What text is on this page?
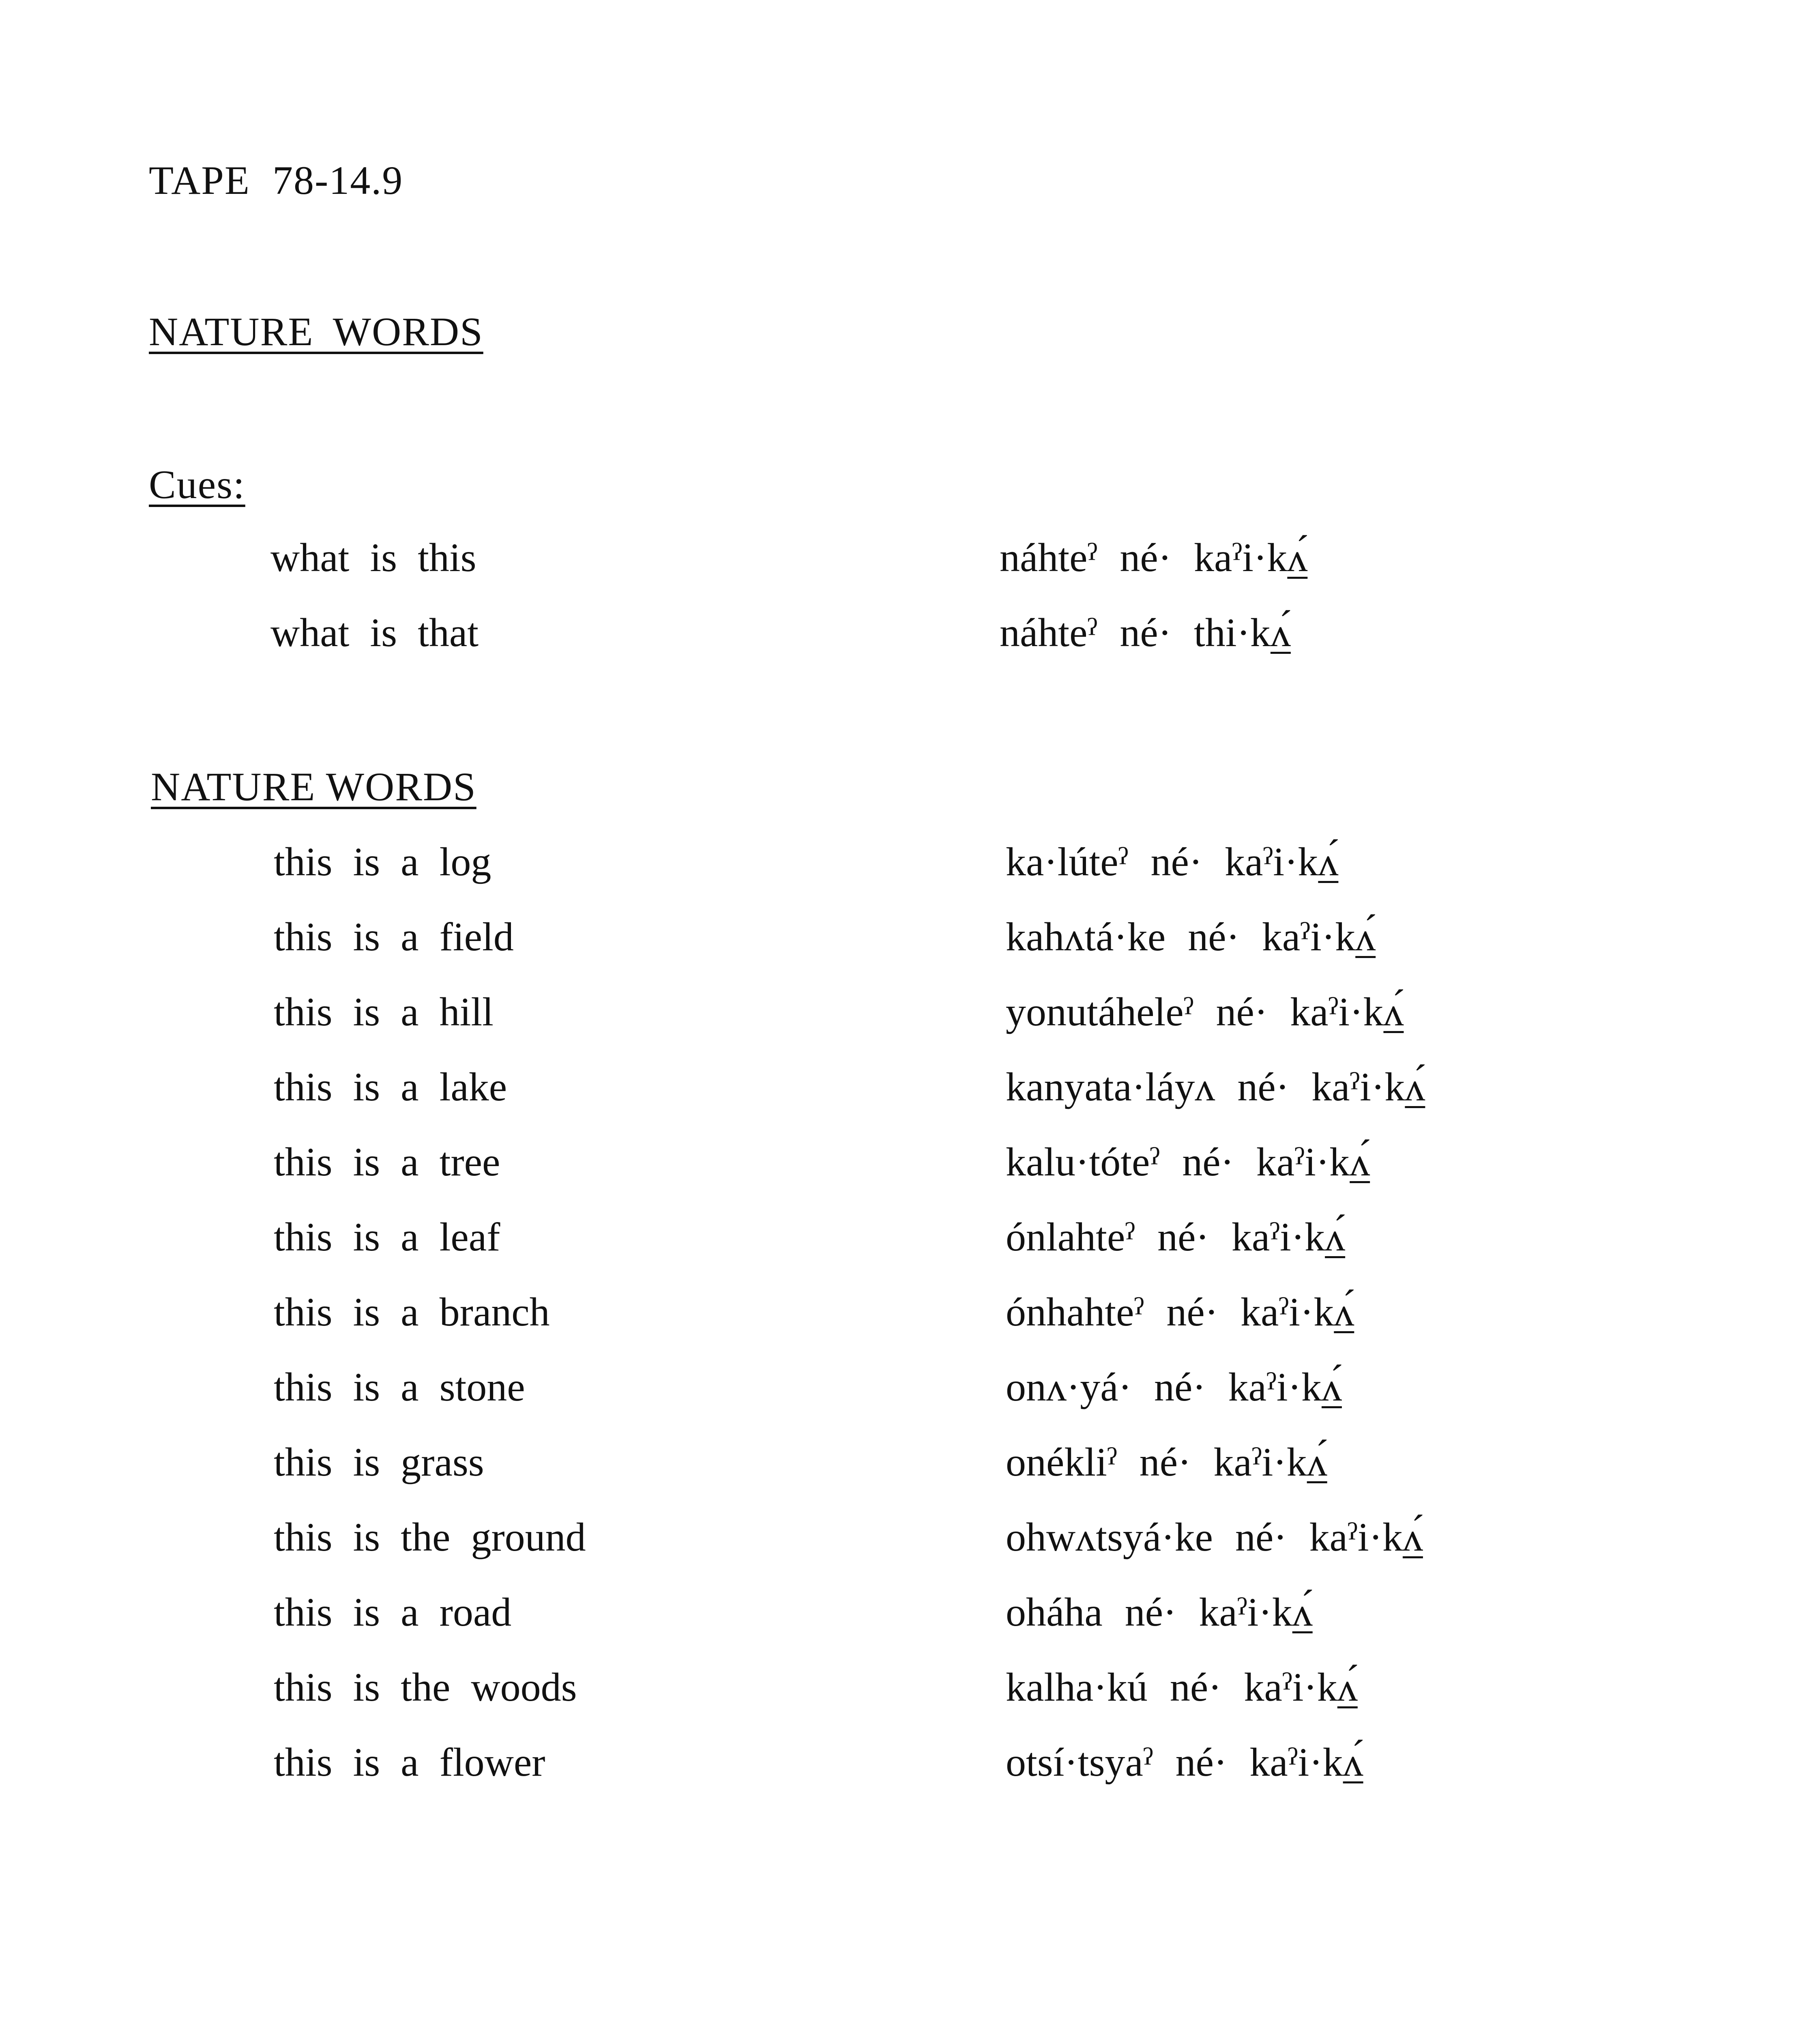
TAPE 78-14.9
NATURE WORDS
Cues:
what is this	náhteˀ né· kaˀi·kʌ́
what is that	náhteˀ né· thi·kʌ́
NATURE WORDS
this is a log	ka·lúteˀ né· kaˀi·kʌ́
this is a field	kahʌtá·ke né· kaˀi·kʌ́
this is a hill	yonutáheleˀ né· kaˀi·kʌ́
this is a lake	kanyata·láyʌ né· kaˀi·kʌ́
this is a tree	kalu·tóteˀ né· kaˀi·kʌ́
this is a leaf	ónlahteˀ né· kaˀi·kʌ́
this is a branch	ónhahteˀ né· kaˀi·kʌ́
this is a stone	onʌ·yá· né· kaˀi·kʌ́
this is grass	onékliˀ né· kaˀi·kʌ́
this is the ground	ohwʌtsyá·ke né· kaˀi·kʌ́
this is a road	oháha né· kaˀi·kʌ́
this is the woods	kalha·kú né· kaˀi·kʌ́
this is a flower	otsí·tsyaˀ né· kaˀi·kʌ́
